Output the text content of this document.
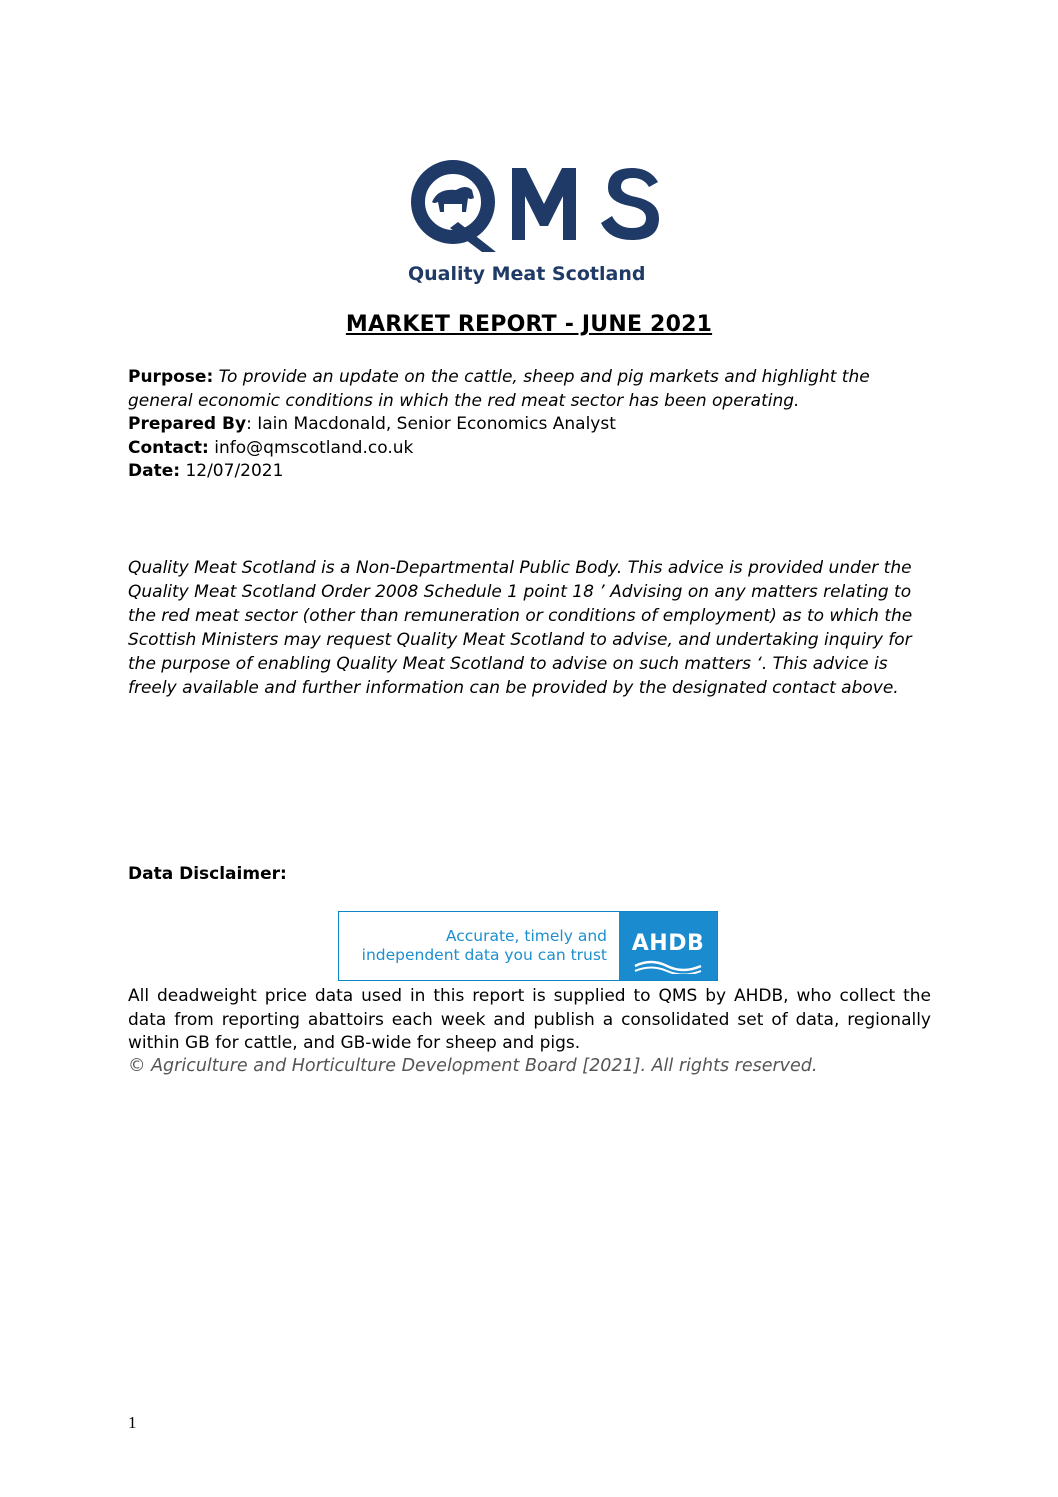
Quality Meat Scotland
MARKET REPORT - JUNE 2021
Purpose: To provide an update on the cattle, sheep and pig markets and highlight the general economic conditions in which the red meat sector has been operating.
Prepared By: Iain Macdonald, Senior Economics Analyst
Contact: info@qmscotland.co.uk
Date: 12/07/2021
Quality Meat Scotland is a Non-Departmental Public Body. This advice is provided under the Quality Meat Scotland Order 2008 Schedule 1 point 18 ’ Advising on any matters relating to the red meat sector (other than remuneration or conditions of employment) as to which the Scottish Ministers may request Quality Meat Scotland to advise, and undertaking inquiry for the purpose of enabling Quality Meat Scotland to advise on such matters ‘. This advice is freely available and further information can be provided by the designated contact above.
Data Disclaimer:
Accurate, timely and
independent data you can trust	AHDB
All deadweight price data used in this report is supplied to QMS by AHDB, who collect the data from reporting abattoirs each week and publish a consolidated set of data, regionally within GB for cattle, and GB-wide for sheep and pigs.
© Agriculture and Horticulture Development Board [2021]. All rights reserved.
1
